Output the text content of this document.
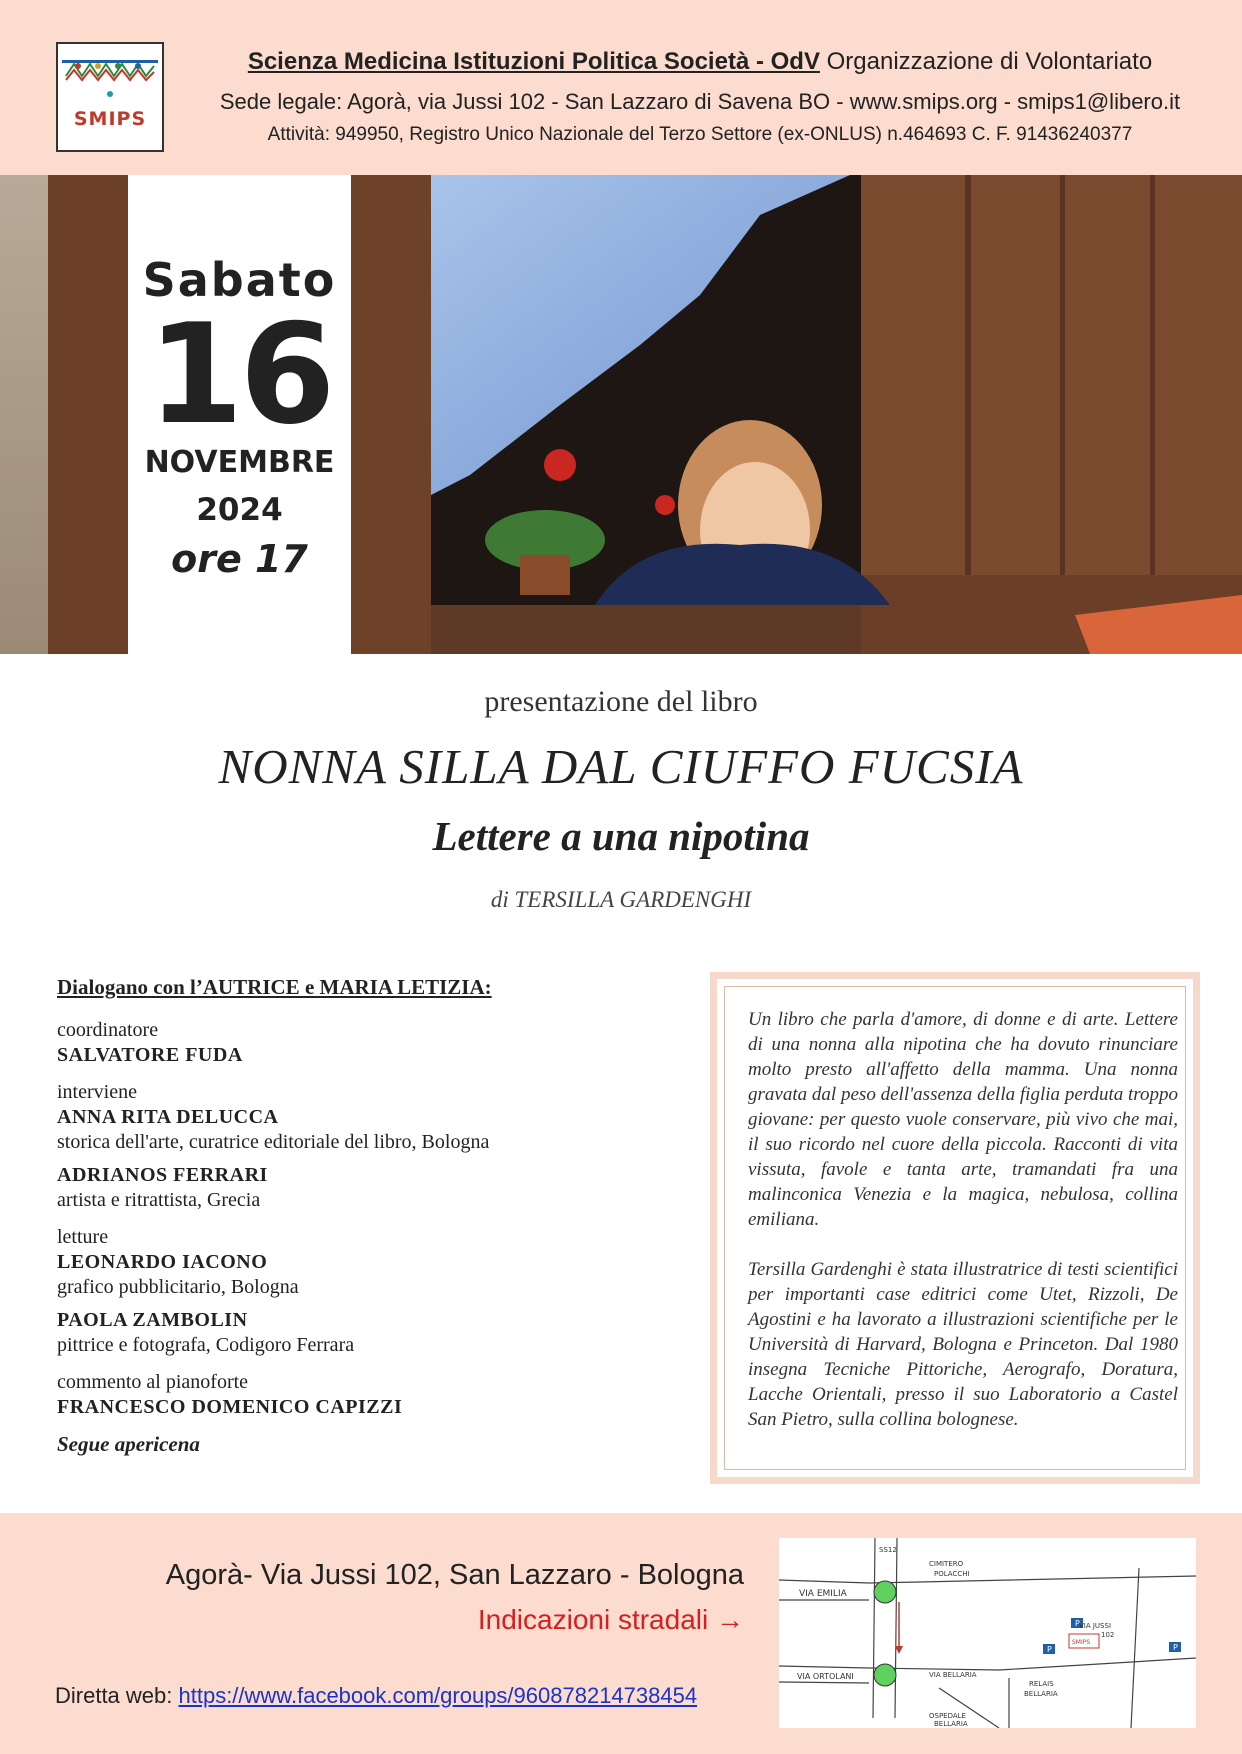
SMIPS
Scienza Medicina Istituzioni Politica Società - OdV Organizzazione di Volontariato
Sede legale: Agorà, via Jussi 102 - San Lazzaro di Savena BO - www.smips.org - smips1@libero.it
Attività: 949950, Registro Unico Nazionale del Terzo Settore (ex-ONLUS) n.464693 C. F. 91436240377
Sabato
16
NOVEMBRE
2024
ore 17
presentazione del libro
NONNA SILLA DAL CIUFFO FUCSIA
Lettere a una nipotina
di TERSILLA GARDENGHI
Dialogano con l’AUTRICE e MARIA LETIZIA:
coordinatore
SALVATORE FUDA
interviene
ANNA RITA DELUCCA
storica dell'arte, curatrice editoriale del libro, Bologna
ADRIANOS FERRARI
artista e ritrattista, Grecia
letture
LEONARDO IACONO
grafico pubblicitario, Bologna
PAOLA ZAMBOLIN
pittrice e fotografa, Codigoro Ferrara
commento al pianoforte
FRANCESCO DOMENICO CAPIZZI
Segue apericena

Un libro che parla d'amore, di donne e di arte. Lettere di una nonna alla nipotina che ha dovuto rinunciare molto presto all'affetto della mamma. Una nonna gravata dal peso dell'assenza della figlia perduta troppo giovane: per questo vuole conservare, più vivo che mai, il suo ricordo nel cuore della piccola. Racconti di vita vissuta, favole e tanta arte, tramandati fra una malinconica Venezia e la magica, nebulosa, collina emiliana.

Tersilla Gardenghi è stata illustratrice di testi scientifici per importanti case editrici come Utet, Rizzoli, De Agostini e ha lavorato a illustrazioni scientifiche per le Università di Harvard, Bologna e Princeton. Dal 1980 insegna Tecniche Pittoriche, Aerografo, Doratura, Lacche Orientali, presso il suo Laboratorio a Castel San Pietro, sulla collina bolognese.

Agorà- Via Jussi 102, San Lazzaro - Bologna
Indicazioni stradali →
Diretta web: https://www.facebook.com/groups/960878214738454
P
P	P
VIA EMILIA
VIA ORTOLANI	VIA BELLARIA
SS12
CIMITERO
POLACCHI
RELAIS
BELLARIA
OSPEDALE
BELLARIA
VIA JUSSI
102
SMIPS
